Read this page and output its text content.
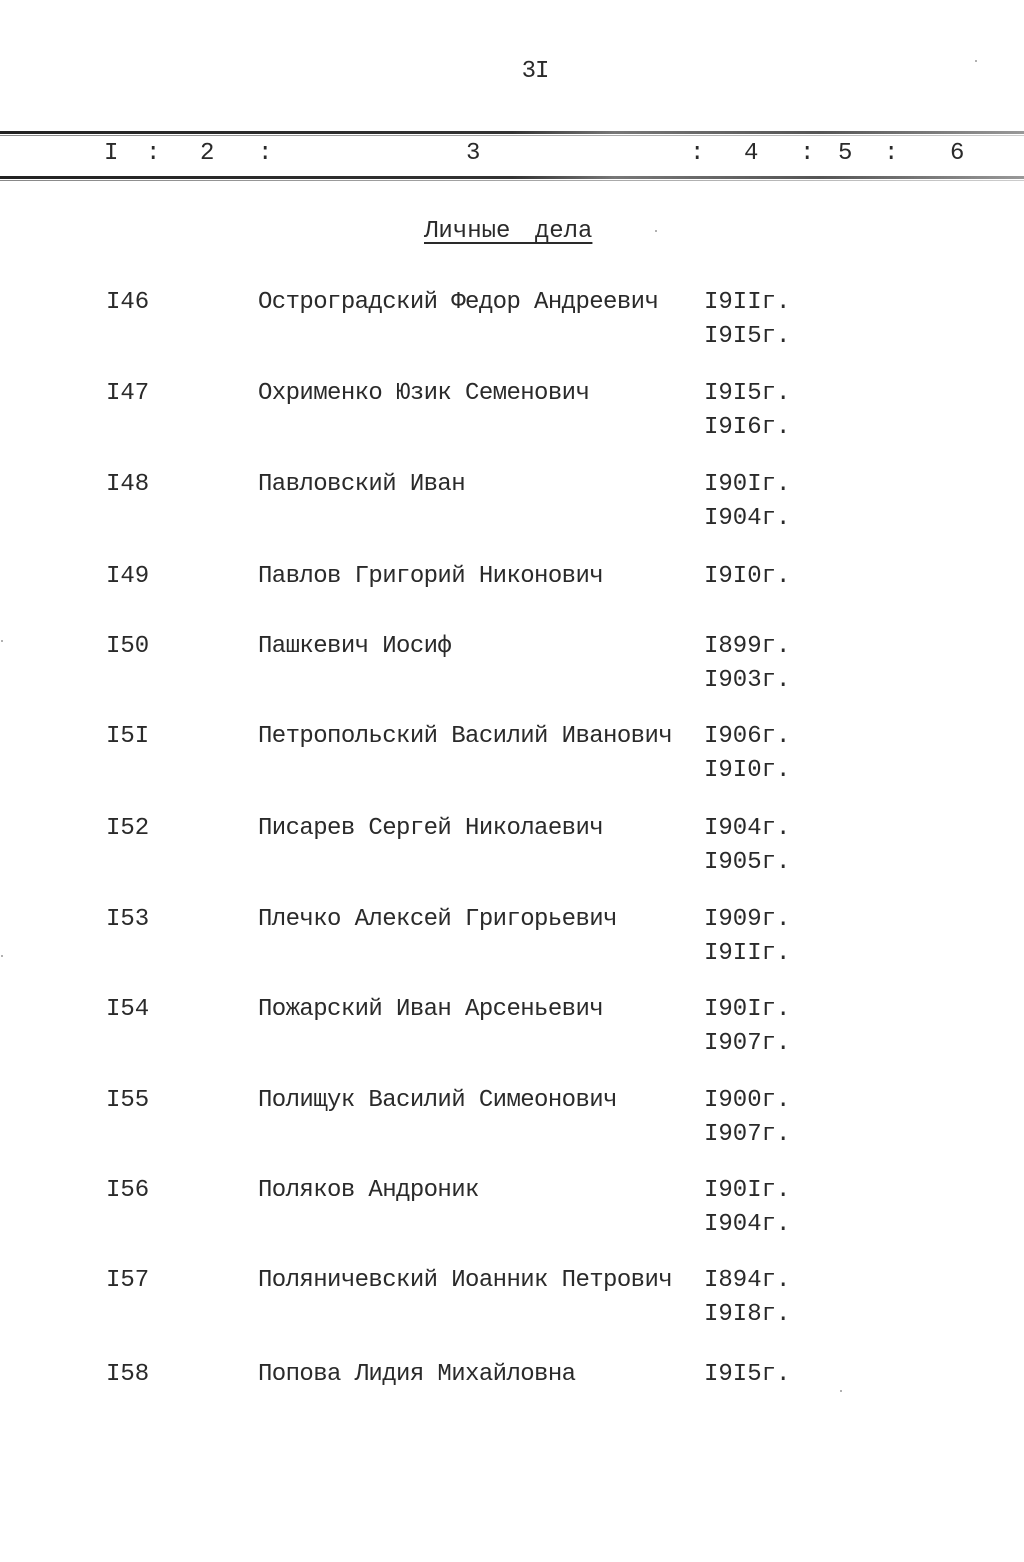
3I
I : 2 :	3	: 4 : 5 : 6
Личные дела
I46	Остроградский Федор Андреевич I9IIг.
I9I5г.
I47	Охрименко Юзик Семенович	I9I5г.
I9I6г.
I48	Павловский Иван	I90Iг.
I904г.
I49	Павлов Григорий Никонович	I9I0г.
I50	Пашкевич Иосиф	I899г.
I903г.
I5I	Петропольский Василий Иванович I906г.
I9I0г.
I52	Писарев Сергей Николаевич	I904г.
I905г.
I53	Плечко Алексей Григорьевич	I909г.
I9IIг.
I54	Пожарский Иван Арсеньевич	I90Iг.
I907г.
I55	Полищук Василий Симеонович	I900г.
I907г.
I56	Поляков Андроник	I90Iг.
I904г.
I57	Поляничевский Иоанник Петрович I894г.
I9I8г.
I58	Попова Лидия Михайловна	I9I5г.
